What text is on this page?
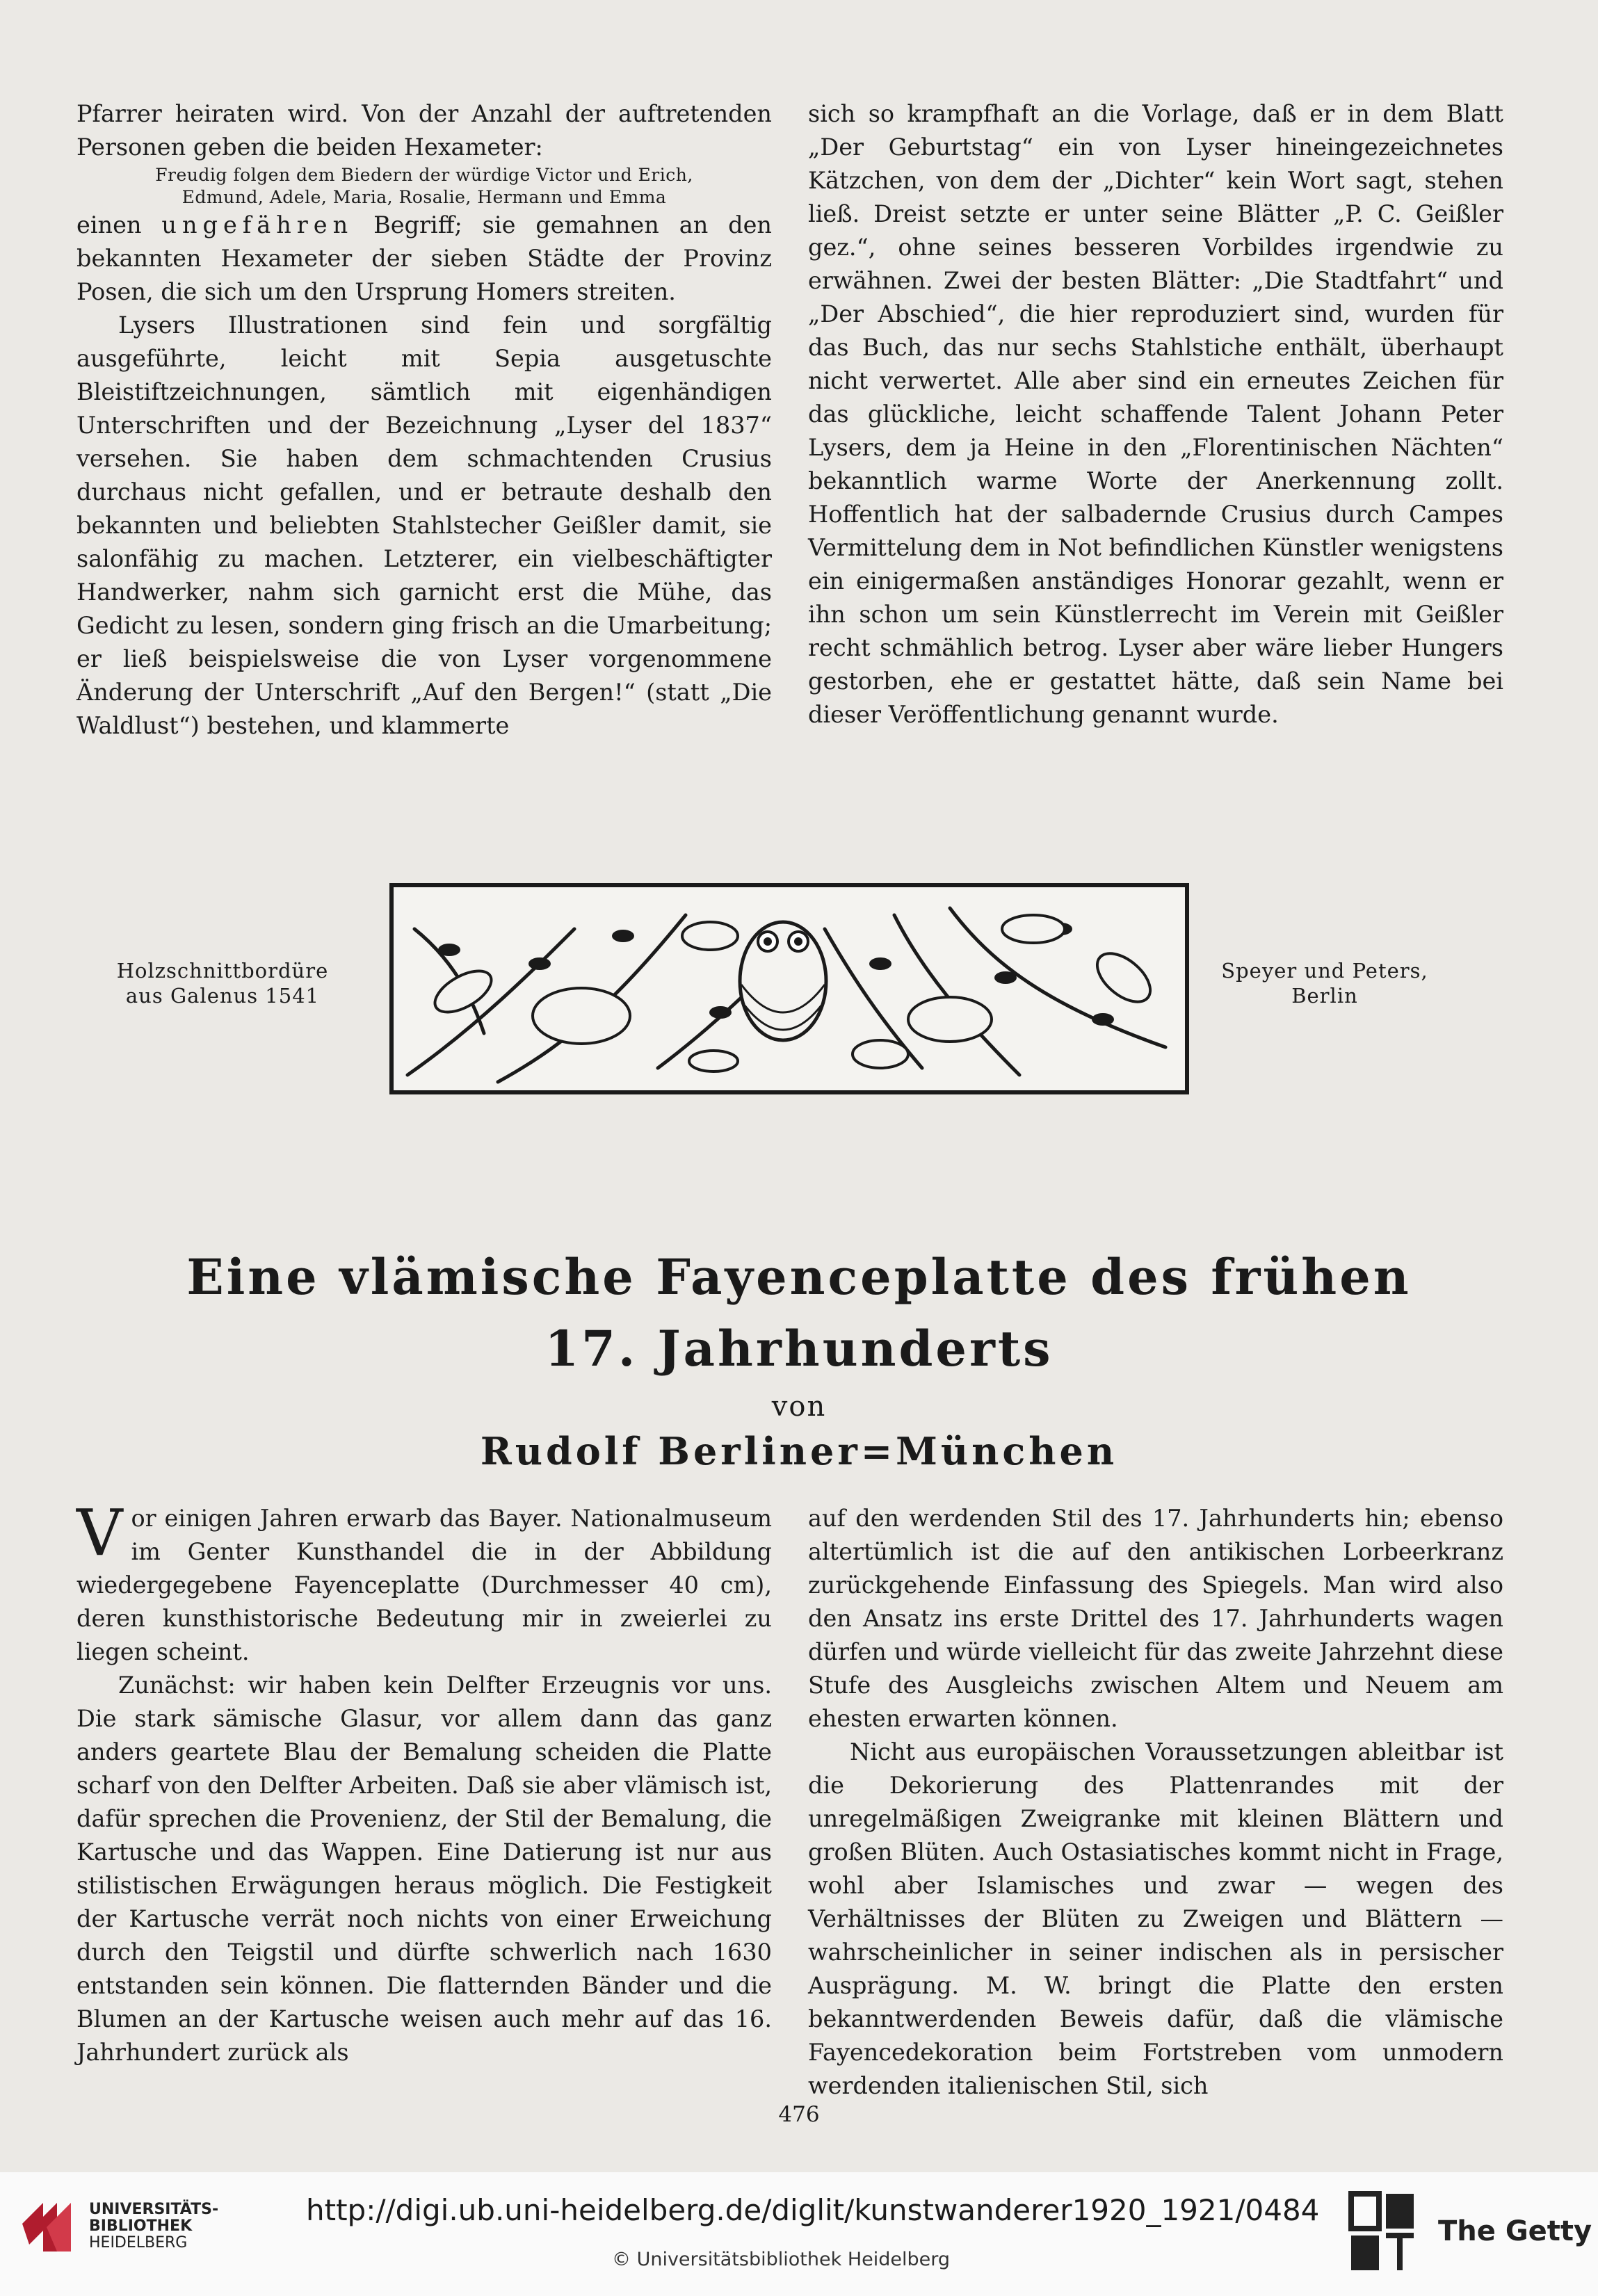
Pfarrer heiraten wird. Von der Anzahl der auftretenden Personen geben die beiden Hexameter:

Freudig folgen dem Biedern der würdige Victor und Erich,
Edmund, Adele, Maria, Rosalie, Hermann und Emma

einen ungefähren Begriff; sie gemahnen an den bekannten Hexameter der sieben Städte der Provinz Posen, die sich um den Ursprung Homers streiten.

Lysers Illustrationen sind fein und sorgfältig ausgeführte, leicht mit Sepia ausgetuschte Bleistiftzeichnungen, sämtlich mit eigenhändigen Unterschriften und der Bezeichnung „Lyser del 1837“ versehen. Sie haben dem schmachtenden Crusius durchaus nicht gefallen, und er betraute deshalb den bekannten und beliebten Stahlstecher Geißler damit, sie salonfähig zu machen. Letzterer, ein vielbeschäftigter Handwerker, nahm sich garnicht erst die Mühe, das Gedicht zu lesen, sondern ging frisch an die Umarbeitung; er ließ beispielsweise die von Lyser vorgenommene Änderung der Unterschrift „Auf den Bergen!“ (statt „Die Waldlust“) bestehen, und klammerte

sich so krampfhaft an die Vorlage, daß er in dem Blatt „Der Geburtstag“ ein von Lyser hineingezeichnetes Kätzchen, von dem der „Dichter“ kein Wort sagt, stehen ließ. Dreist setzte er unter seine Blätter „P. C. Geißler gez.“, ohne seines besseren Vorbildes irgendwie zu erwähnen. Zwei der besten Blätter: „Die Stadtfahrt“ und „Der Abschied“, die hier reproduziert sind, wurden für das Buch, das nur sechs Stahlstiche enthält, überhaupt nicht verwertet. Alle aber sind ein erneutes Zeichen für das glückliche, leicht schaffende Talent Johann Peter Lysers, dem ja Heine in den „Florentinischen Nächten“ bekanntlich warme Worte der Anerkennung zollt. Hoffentlich hat der salbadernde Crusius durch Campes Vermittelung dem in Not befindlichen Künstler wenigstens ein einigermaßen anständiges Honorar gezahlt, wenn er ihn schon um sein Künstlerrecht im Verein mit Geißler recht schmählich betrog. Lyser aber wäre lieber Hungers gestorben, ehe er gestattet hätte, daß sein Name bei dieser Veröffentlichung genannt wurde.

Holzschnittbordüre
aus Galenus 1541
Speyer und Peters,
Berlin
Eine vlämische Fayenceplatte des frühen
17. Jahrhunderts
von
Rudolf Berliner=München

Vor einigen Jahren erwarb das Bayer. Nationalmuseum im Genter Kunsthandel die in der Abbildung wiedergegebene Fayenceplatte (Durchmesser 40 cm), deren kunsthistorische Bedeutung mir in zweierlei zu liegen scheint.

Zunächst: wir haben kein Delfter Erzeugnis vor uns. Die stark sämische Glasur, vor allem dann das ganz anders geartete Blau der Bemalung scheiden die Platte scharf von den Delfter Arbeiten. Daß sie aber vlämisch ist, dafür sprechen die Provenienz, der Stil der Bemalung, die Kartusche und das Wappen. Eine Datierung ist nur aus stilistischen Erwägungen heraus möglich. Die Festigkeit der Kartusche verrät noch nichts von einer Erweichung durch den Teigstil und dürfte schwerlich nach 1630 entstanden sein können. Die flatternden Bänder und die Blumen an der Kartusche weisen auch mehr auf das 16. Jahrhundert zurück als

auf den werdenden Stil des 17. Jahrhunderts hin; ebenso altertümlich ist die auf den antikischen Lorbeerkranz zurückgehende Einfassung des Spiegels. Man wird also den Ansatz ins erste Drittel des 17. Jahrhunderts wagen dürfen und würde vielleicht für das zweite Jahrzehnt diese Stufe des Ausgleichs zwischen Altem und Neuem am ehesten erwarten können.

Nicht aus europäischen Voraussetzungen ableitbar ist die Dekorierung des Plattenrandes mit der unregelmäßigen Zweigranke mit kleinen Blättern und großen Blüten. Auch Ostasiatisches kommt nicht in Frage, wohl aber Islamisches und zwar — wegen des Verhältnisses der Blüten zu Zweigen und Blättern — wahrscheinlicher in seiner indischen als in persischer Ausprägung. M. W. bringt die Platte den ersten bekanntwerdenden Beweis dafür, daß die vlämische Fayencedekoration beim Fortstreben vom unmodern werdenden italienischen Stil, sich

476
UNIVERSITÄTS-
BIBLIOTHEK
HEIDELBERG
http://digi.ub.uni-heidelberg.de/diglit/kunstwanderer1920_1921/0484
© Universitätsbibliothek Heidelberg
The Getty
